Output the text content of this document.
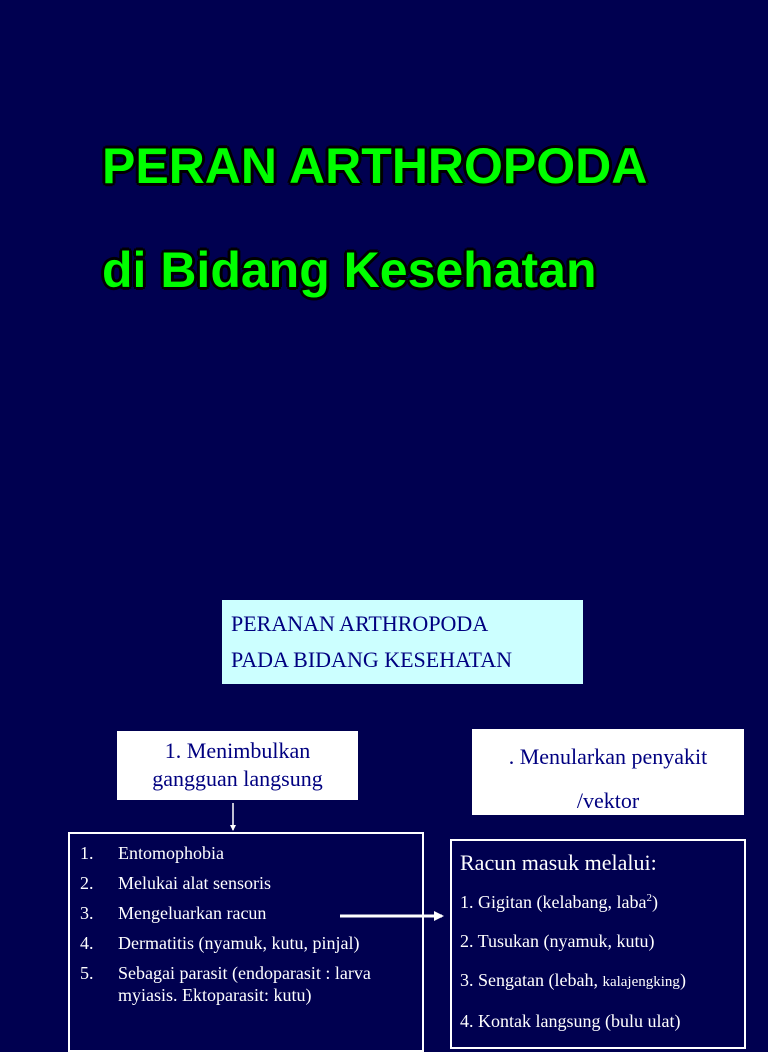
PERAN ARTHROPODA
di Bidang Kesehatan
PERANAN ARTHROPODA
PADA BIDANG KESEHATAN
1. Menimbulkan
gangguan langsung
. Menularkan penyakit
/vektor
1.	Entomophobia
2.	Melukai alat sensoris
3.	Mengeluarkan racun
4.	Dermatitis (nyamuk, kutu, pinjal)
5.	Sebagai parasit (endoparasit : larva myiasis. Ektoparasit: kutu)
Racun masuk melalui:
1. Gigitan (kelabang, laba$^2$)
2. Tusukan (nyamuk, kutu)
3. Sengatan (lebah, kalajengking)
4. Kontak langsung (bulu ulat)
